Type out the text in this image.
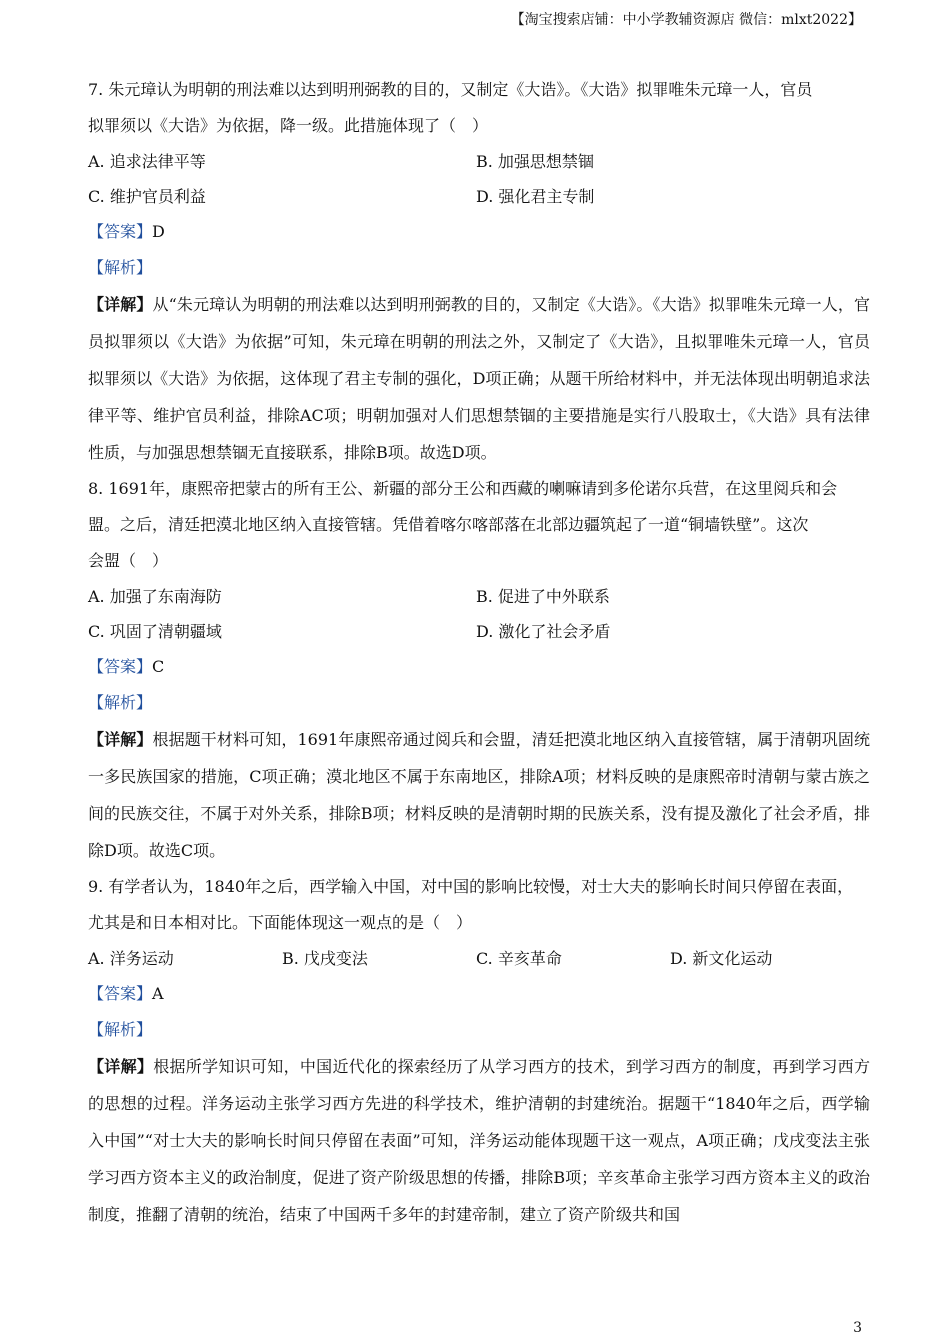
【淘宝搜索店铺：中小学教辅资源店 微信：mlxt2022】
7. 朱元璋认为明朝的刑法难以达到明刑弼教的目的，又制定《大诰》。《大诰》拟罪唯朱元璋一人，官员
拟罪须以《大诰》为依据，降一级。此措施体现了（　）
A. 追求法律平等	B. 加强思想禁锢
C. 维护官员利益	D. 强化君主专制
【答案】D
【解析】
【详解】从“朱元璋认为明朝的刑法难以达到明刑弼教的目的，又制定《大诰》。《大诰》拟罪唯朱元璋一人，官员拟罪须以《大诰》为依据”可知，朱元璋在明朝的刑法之外，又制定了《大诰》，且拟罪唯朱元璋一人，官员拟罪须以《大诰》为依据，这体现了君主专制的强化，D项正确；从题干所给材料中，并无法体现出明朝追求法律平等、维护官员利益，排除AC项；明朝加强对人们思想禁锢的主要措施是实行八股取士，《大诰》具有法律性质，与加强思想禁锢无直接联系，排除B项。故选D项。
8. 1691年，康熙帝把蒙古的所有王公、新疆的部分王公和西藏的喇嘛请到多伦诺尔兵营，在这里阅兵和会
盟。之后，清廷把漠北地区纳入直接管辖。凭借着喀尔喀部落在北部边疆筑起了一道“铜墙铁壁”。这次
会盟（　）
A. 加强了东南海防	B. 促进了中外联系
C. 巩固了清朝疆域	D. 激化了社会矛盾
【答案】C
【解析】
【详解】根据题干材料可知，1691年康熙帝通过阅兵和会盟，清廷把漠北地区纳入直接管辖，属于清朝巩固统一多民族国家的措施，C项正确；漠北地区不属于东南地区，排除A项；材料反映的是康熙帝时清朝与蒙古族之间的民族交往，不属于对外关系，排除B项；材料反映的是清朝时期的民族关系，没有提及激化了社会矛盾，排除D项。故选C项。
9. 有学者认为，1840年之后，西学输入中国，对中国的影响比较慢，对士大夫的影响长时间只停留在表面，
尤其是和日本相对比。下面能体现这一观点的是（　）
A. 洋务运动	B. 戊戌变法	C. 辛亥革命	D. 新文化运动
【答案】A
【解析】
【详解】根据所学知识可知，中国近代化的探索经历了从学习西方的技术，到学习西方的制度，再到学习西方的思想的过程。洋务运动主张学习西方先进的科学技术，维护清朝的封建统治。据题干“1840年之后，西学输入中国”“对士大夫的影响长时间只停留在表面”可知，洋务运动能体现题干这一观点，A项正确；戊戌变法主张学习西方资本主义的政治制度，促进了资产阶级思想的传播，排除B项；辛亥革命主张学习西方资本主义的政治制度，推翻了清朝的统治，结束了中国两千多年的封建帝制，建立了资产阶级共和国
3
